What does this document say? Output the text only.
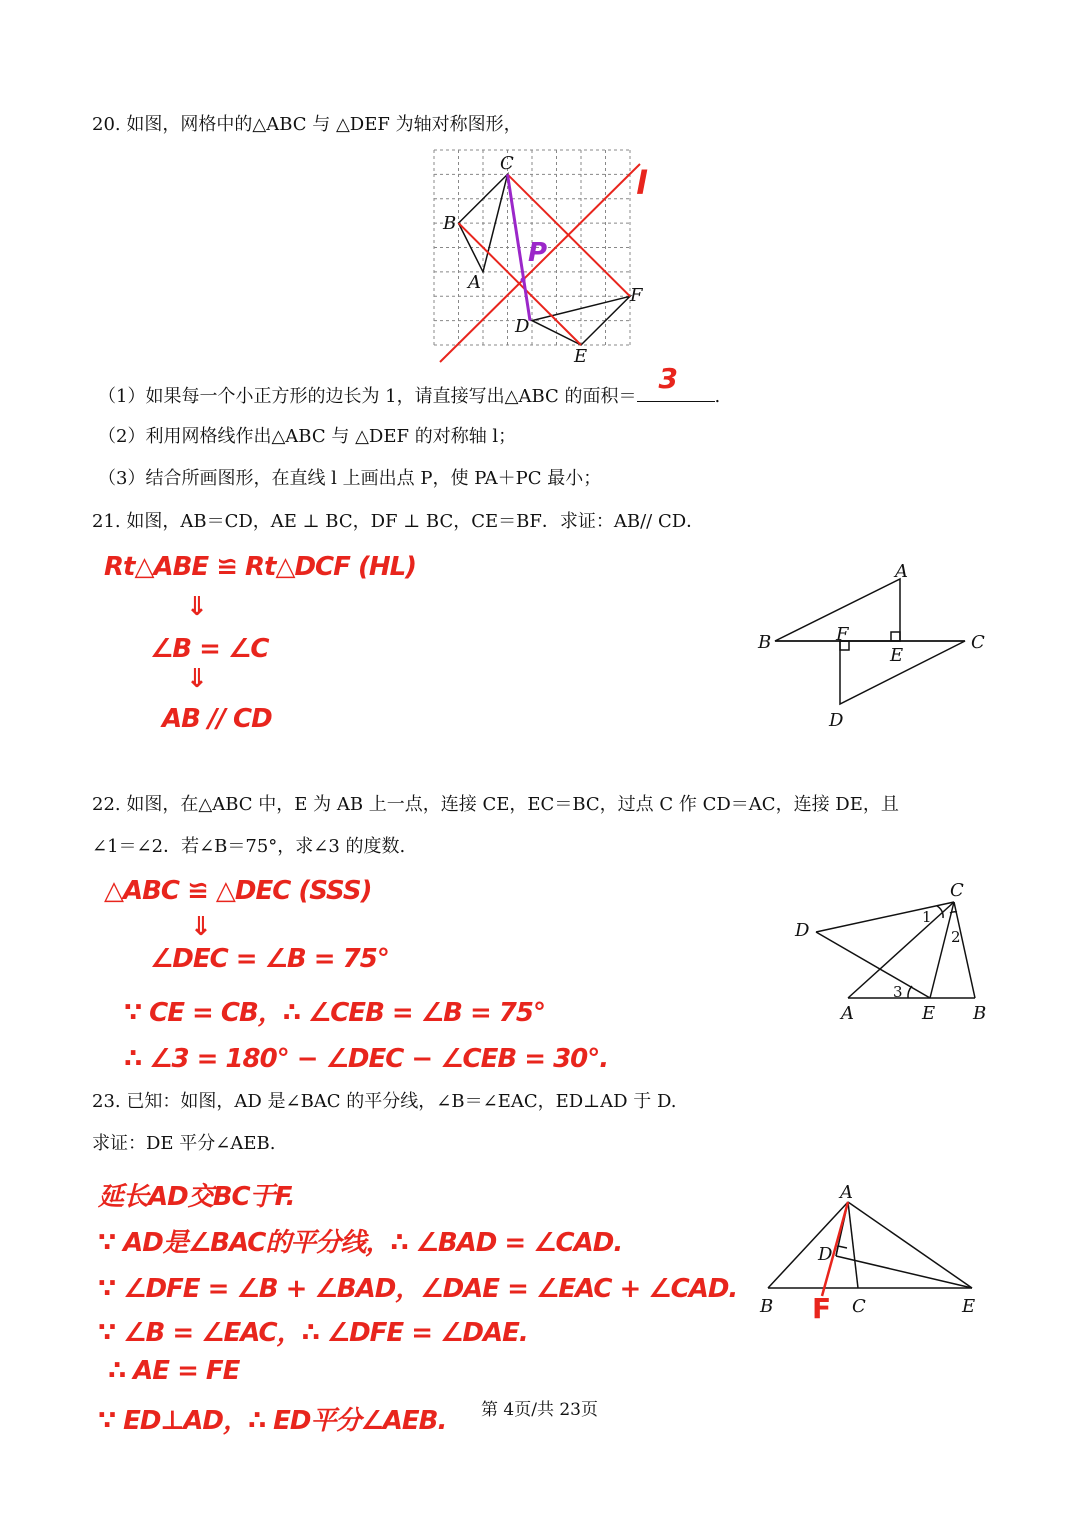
20. 如图，网格中的△ABC 与 △DEF 为轴对称图形，
C
B
A
D
E
F
l
P
（1）如果每一个小正方形的边长为 1，请直接写出△ABC 的面积＝
3
.
（2）利用网格线作出△ABC 与 △DEF 的对称轴 l；
（3）结合所画图形，在直线 l 上画出点 P，使 PA＋PC 最小；
21. 如图，AB＝CD，AE ⊥ BC，DF ⊥ BC，CE＝BF．求证：AB// CD．
Rt△ABE ≌ Rt△DCF (HL)
⇓
∠B = ∠C
⇓
AB // CD
A
B	F
E
C
D
22. 如图，在△ABC 中，E 为 AB 上一点，连接 CE，EC＝BC，过点 C 作 CD＝AC，连接 DE，且
∠1＝∠2．若∠B＝75°，求∠3 的度数.
△ABC ≌ △DEC (SSS)
⇓
∠DEC = ∠B = 75°
∵ CE = CB，∴ ∠CEB = ∠B = 75°
∴ ∠3 = 180° − ∠DEC − ∠CEB = 30°.
C
D
1
2
3
A	E B
23. 已知：如图，AD 是∠BAC 的平分线，∠B＝∠EAC，ED⊥AD 于 D.
求证：DE 平分∠AEB.
延长AD交BC于F.
∵ AD是∠BAC的平分线，∴ ∠BAD = ∠CAD.
∵ ∠DFE = ∠B + ∠BAD，∠DAE = ∠EAC + ∠CAD.
∵ ∠B = ∠EAC，∴ ∠DFE = ∠DAE.
∴ AE = FE
∵ ED⊥AD，∴ ED平分∠AEB.
A
D
B F C	E
第 4页/共 23页
